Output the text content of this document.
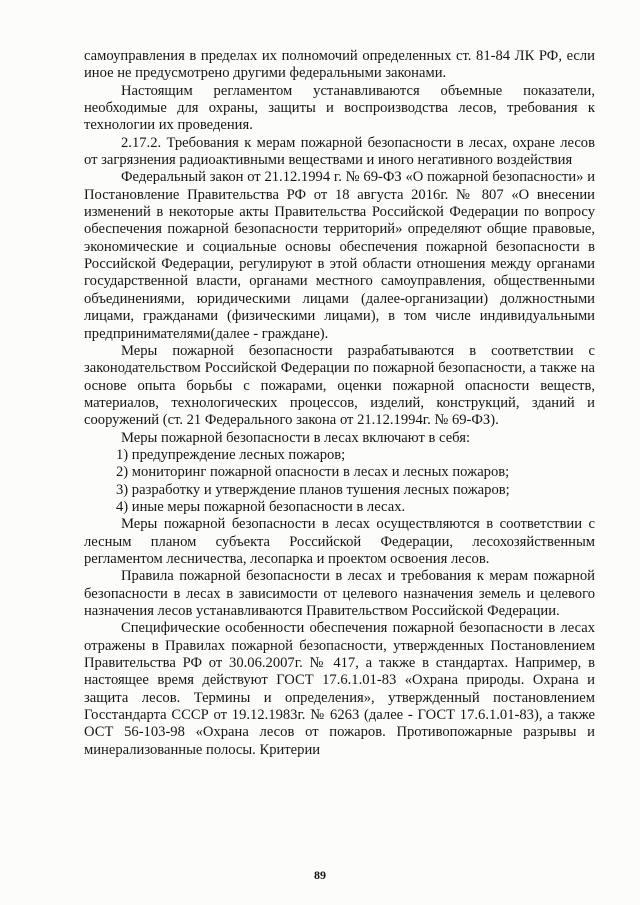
самоуправления в пределах их полномочий определенных ст. 81-84 ЛК РФ, если иное не предусмотрено другими федеральными законами.

Настоящим регламентом устанавливаются объемные показатели, необходимые для охраны, защиты и воспроизводства лесов, требования к технологии их проведения.

2.17.2. Требования к мерам пожарной безопасности в лесах, охране лесов от загрязнения радиоактивными веществами и иного негативного воздействия

Федеральный закон от 21.12.1994 г. № 69-ФЗ «О пожарной безопасности» и Постановление Правительства РФ от 18 августа 2016г. № 807 «О внесении изменений в некоторые акты Правительства Российской Федерации по вопросу обеспечения пожарной безопасности территорий» определяют общие правовые, экономические и социальные основы обеспечения пожарной безопасности в Российской Федерации, регулируют в этой области отношения между органами государственной власти, органами местного самоуправления, общественными объединениями, юридическими лицами (далее-организации) должностными лицами, гражданами (физическими лицами), в том числе индивидуальными предпринимателями(далее - граждане).

Меры пожарной безопасности разрабатываются в соответствии с законодательством Российской Федерации по пожарной безопасности, а также на основе опыта борьбы с пожарами, оценки пожарной опасности веществ, материалов, технологических процессов, изделий, конструкций, зданий и сооружений (ст. 21 Федерального закона от 21.12.1994г. № 69-ФЗ).

Меры пожарной безопасности в лесах включают в себя:

1) предупреждение лесных пожаров;

2) мониторинг пожарной опасности в лесах и лесных пожаров;

3) разработку и утверждение планов тушения лесных пожаров;

4) иные меры пожарной безопасности в лесах.

Меры пожарной безопасности в лесах осуществляются в соответствии с лесным планом субъекта Российской Федерации, лесохозяйственным регламентом лесничества, лесопарка и проектом освоения лесов.

Правила пожарной безопасности в лесах и требования к мерам пожарной безопасности в лесах в зависимости от целевого назначения земель и целевого назначения лесов устанавливаются Правительством Российской Федерации.

Специфические особенности обеспечения пожарной безопасности в лесах отражены в Правилах пожарной безопасности, утвержденных Постановлением Правительства РФ от 30.06.2007г. № 417, а также в стандартах. Например, в настоящее время действуют ГОСТ 17.6.1.01-83 «Охрана природы. Охрана и защита лесов. Термины и определения», утвержденный постановлением Госстандарта СССР от 19.12.1983г. № 6263 (далее - ГОСТ 17.6.1.01-83), а также ОСТ 56-103-98 «Охрана лесов от пожаров. Противопожарные разрывы и минерализованные полосы. Критерии

89
